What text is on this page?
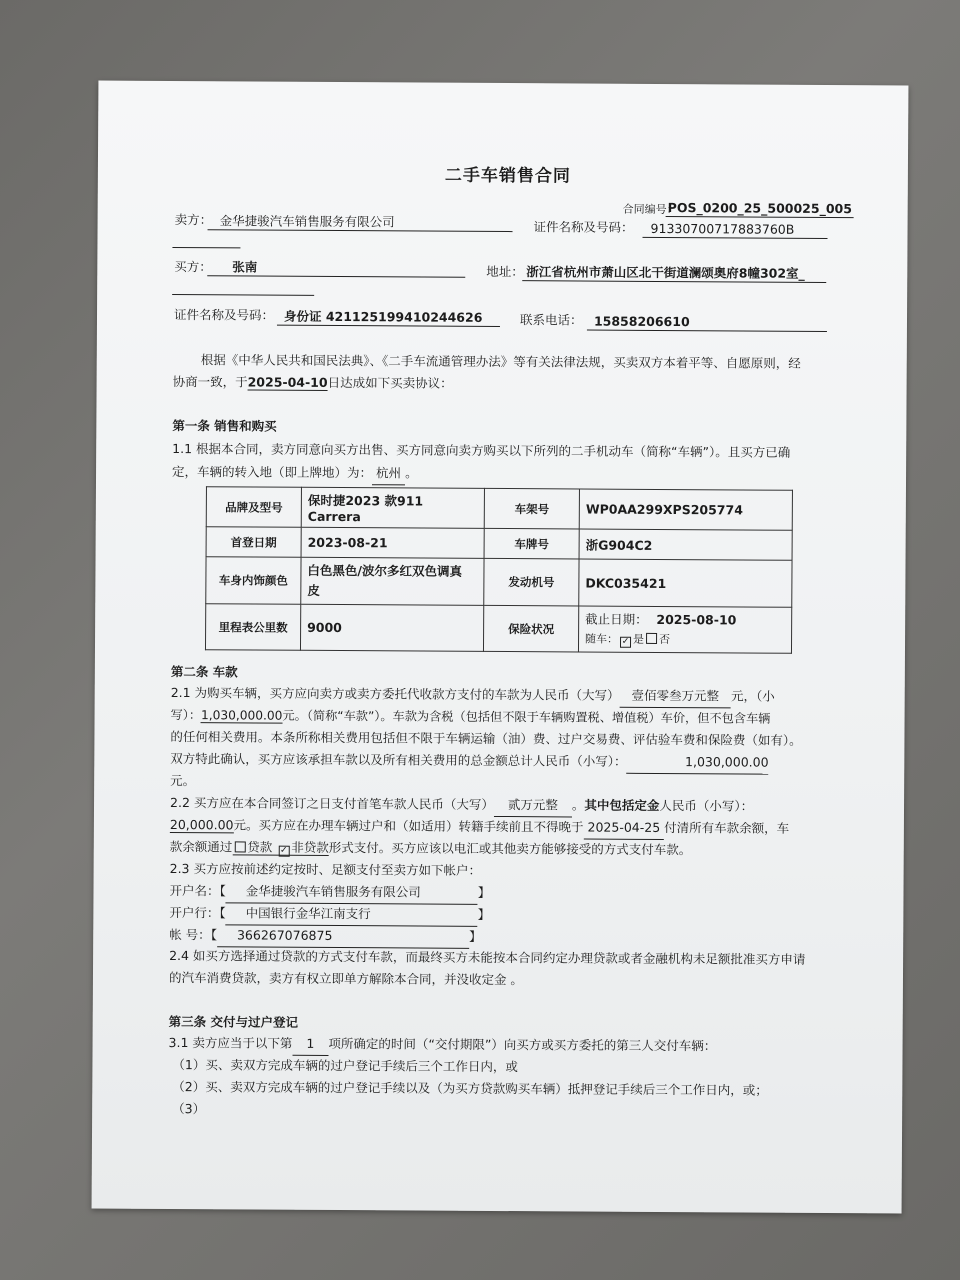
二手车销售合同
合同编号：
POS_0200_25_500025_005
卖方： 金华捷骏汽车销售服务有限公司	证件名称及号码： 91330700717883760B
买方： 张南	地址： 浙江省杭州市萧山区北干街道澜颂奥府8幢302室_
证件名称及号码： 身份证 421125199410244626	联系电话： 15858206610
根据《中华人民共和国民法典》、《二手车流通管理办法》等有关法律法规，买卖双方本着平等、自愿原则，经
协商一致，于2025-04-10日达成如下买卖协议：
第一条 销售和购买
1.1 根据本合同，卖方同意向买方出售、买方同意向卖方购买以下所列的二手机动车（简称“车辆”）。且买方已确
定，车辆的转入地（即上牌地）为： 杭州 。
品牌及型号	保时捷2023 款911 Carrera	车架号	WP0AA299XPS205774
首登日期	2023-08-21	车牌号	浙G904C2
车身内饰颜色	白色黑色/波尔多红双色调真
皮	发动机号	DKC035421
里程表公里数	9000	保险状况	截止日期： 2025-08-10
随车： ✓ 是 否
第二条 车款
2.1 为购买车辆，买方应向卖方或卖方委托代收款方支付的车款为人民币（大写） 壹佰零叁万元整 元，（小
写）：1,030,000.00元。（简称“车款”）。车款为含税（包括但不限于车辆购置税、增值税）车价，但不包含车辆
的任何相关费用。本条所称相关费用包括但不限于车辆运输（油）费、过户交易费、评估验车费和保险费（如有）。
双方特此确认，买方应该承担车款以及所有相关费用的总金额总计人民币（小写）：	1,030,000.00
元。
2.2 买方应在本合同签订之日支付首笔车款人民币（大写） 贰万元整 。其中包括定金人民币（小写）：
20,000.00元。买方应在办理车辆过户和（如适用）转籍手续前且不得晚于 2025-04-25 付清所有车款余额，车
款余额通过 贷款 ✓ 非贷款形式支付。买方应该以电汇或其他卖方能够接受的方式支付车款。
2.3 买方应按前述约定按时、足额支付至卖方如下帐户：
开户名：【 金华捷骏汽车销售服务有限公司	】
开户行：【 中国银行金华江南支行	】
帐 号：【 366267076875	】
2.4 如买方选择通过贷款的方式支付车款，而最终买方未能按本合同约定办理贷款或者金融机构未足额批准买方申请
的汽车消费贷款，卖方有权立即单方解除本合同，并没收定金 。
第三条 交付与过户登记
3.1 卖方应当于以下第 1 项所确定的时间（“交付期限”）向买方或买方委托的第三人交付车辆：
（1）买、卖双方完成车辆的过户登记手续后三个工作日内，或
（2）买、卖双方完成车辆的过户登记手续以及（为买方贷款购买车辆）抵押登记手续后三个工作日内，或；
（3）
